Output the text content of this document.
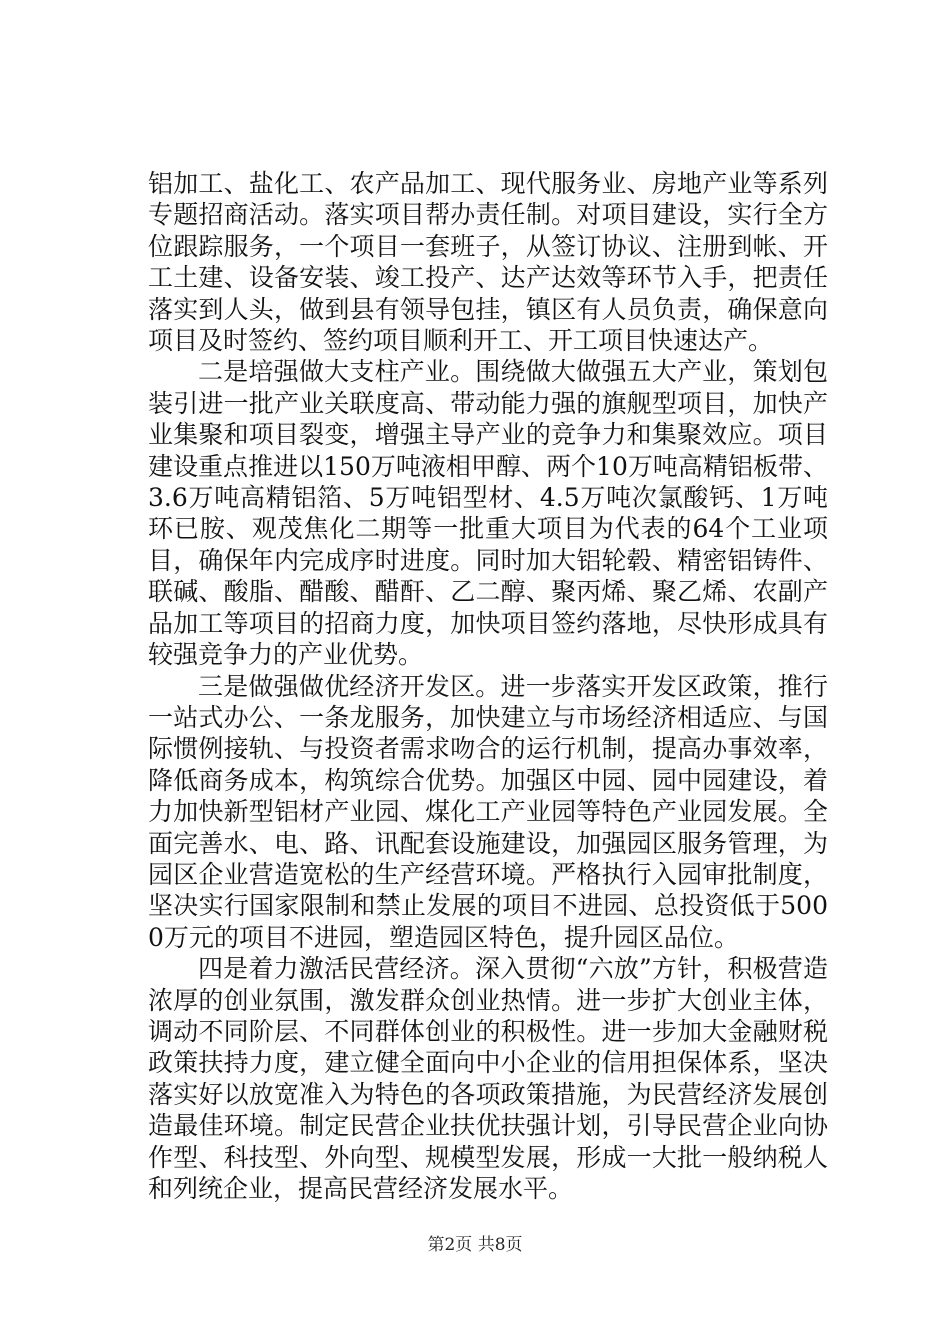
铝加工、盐化工、农产品加工、现代服务业、房地产业等系列专题招商活动。落实项目帮办责任制。对项目建设，实行全方位跟踪服务，一个项目一套班子，从签订协议、注册到帐、开工土建、设备安装、竣工投产、达产达效等环节入手，把责任落实到人头，做到县有领导包挂，镇区有人员负责，确保意向项目及时签约、签约项目顺利开工、开工项目快速达产。

二是培强做大支柱产业。围绕做大做强五大产业，策划包装引进一批产业关联度高、带动能力强的旗舰型项目，加快产业集聚和项目裂变，增强主导产业的竞争力和集聚效应。项目建设重点推进以150万吨液相甲醇、两个10万吨高精铝板带、3.6万吨高精铝箔、5万吨铝型材、4.5万吨次氯酸钙、1万吨环已胺、观茂焦化二期等一批重大项目为代表的64个工业项目，确保年内完成序时进度。同时加大铝轮毂、精密铝铸件、联碱、酸脂、醋酸、醋酐、乙二醇、聚丙烯、聚乙烯、农副产品加工等项目的招商力度，加快项目签约落地，尽快形成具有较强竞争力的产业优势。

三是做强做优经济开发区。进一步落实开发区政策，推行一站式办公、一条龙服务，加快建立与市场经济相适应、与国际惯例接轨、与投资者需求吻合的运行机制，提高办事效率，降低商务成本，构筑综合优势。加强区中园、园中园建设，着力加快新型铝材产业园、煤化工产业园等特色产业园发展。全面完善水、电、路、讯配套设施建设，加强园区服务管理，为园区企业营造宽松的生产经营环境。严格执行入园审批制度，坚决实行国家限制和禁止发展的项目不进园、总投资低于5000万元的项目不进园，塑造园区特色，提升园区品位。

四是着力激活民营经济。深入贯彻“六放”方针，积极营造浓厚的创业氛围，激发群众创业热情。进一步扩大创业主体，调动不同阶层、不同群体创业的积极性。进一步加大金融财税政策扶持力度，建立健全面向中小企业的信用担保体系，坚决落实好以放宽准入为特色的各项政策措施，为民营经济发展创造最佳环境。制定民营企业扶优扶强计划，引导民营企业向协作型、科技型、外向型、规模型发展，形成一大批一般纳税人和列统企业，提高民营经济发展水平。

第2页 共8页
